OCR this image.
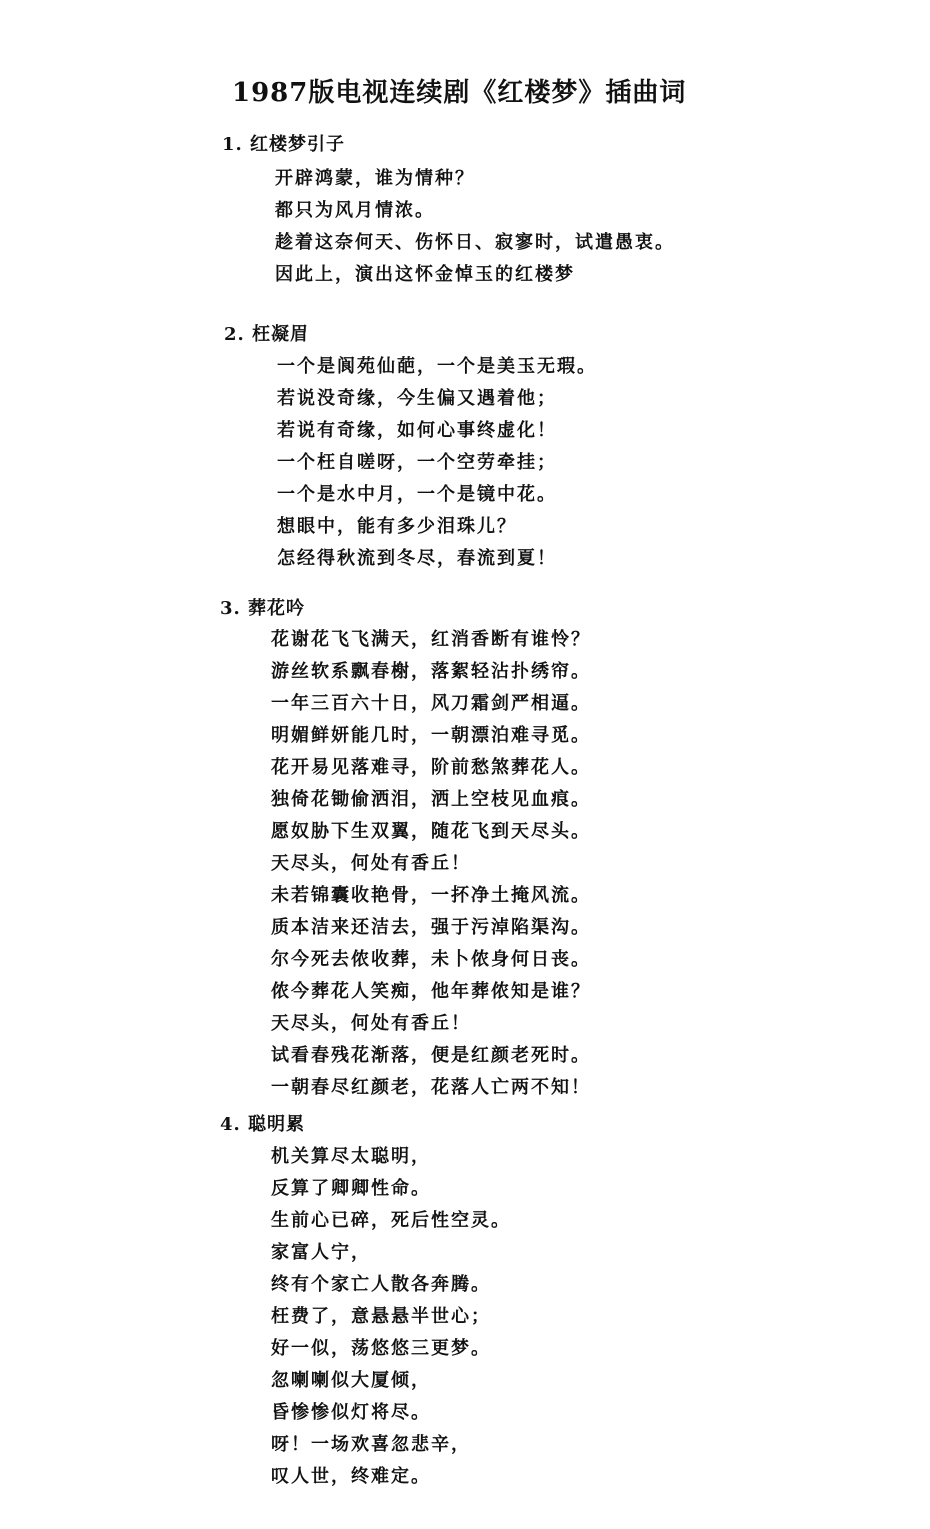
1987版电视连续剧《红楼梦》插曲词
1. 红楼梦引子
开辟鸿蒙，谁为情种？
都只为风月情浓。
趁着这奈何天、伤怀日、寂寥时，试遣愚衷。
因此上，演出这怀金悼玉的红楼梦
2. 枉凝眉
一个是阆苑仙葩，一个是美玉无瑕。
若说没奇缘，今生偏又遇着他；
若说有奇缘，如何心事终虚化！
一个枉自嗟呀，一个空劳牵挂；
一个是水中月，一个是镜中花。
想眼中，能有多少泪珠儿？
怎经得秋流到冬尽，春流到夏！
3. 葬花吟
花谢花飞飞满天，红消香断有谁怜？
游丝软系飘春榭，落絮轻沾扑绣帘。
一年三百六十日，风刀霜剑严相逼。
明媚鲜妍能几时，一朝漂泊难寻觅。
花开易见落难寻，阶前愁煞葬花人。
独倚花锄偷洒泪，洒上空枝见血痕。
愿奴胁下生双翼，随花飞到天尽头。
天尽头，何处有香丘！
未若锦囊收艳骨，一抔净土掩风流。
质本洁来还洁去，强于污淖陷渠沟。
尔今死去侬收葬，未卜侬身何日丧。
侬今葬花人笑痴，他年葬侬知是谁？
天尽头，何处有香丘！
试看春残花渐落，便是红颜老死时。
一朝春尽红颜老，花落人亡两不知！
4. 聪明累
机关算尽太聪明，
反算了卿卿性命。
生前心已碎，死后性空灵。
家富人宁，
终有个家亡人散各奔腾。
枉费了，意悬悬半世心；
好一似，荡悠悠三更梦。
忽喇喇似大厦倾，
昏惨惨似灯将尽。
呀！一场欢喜忽悲辛，
叹人世，终难定。
